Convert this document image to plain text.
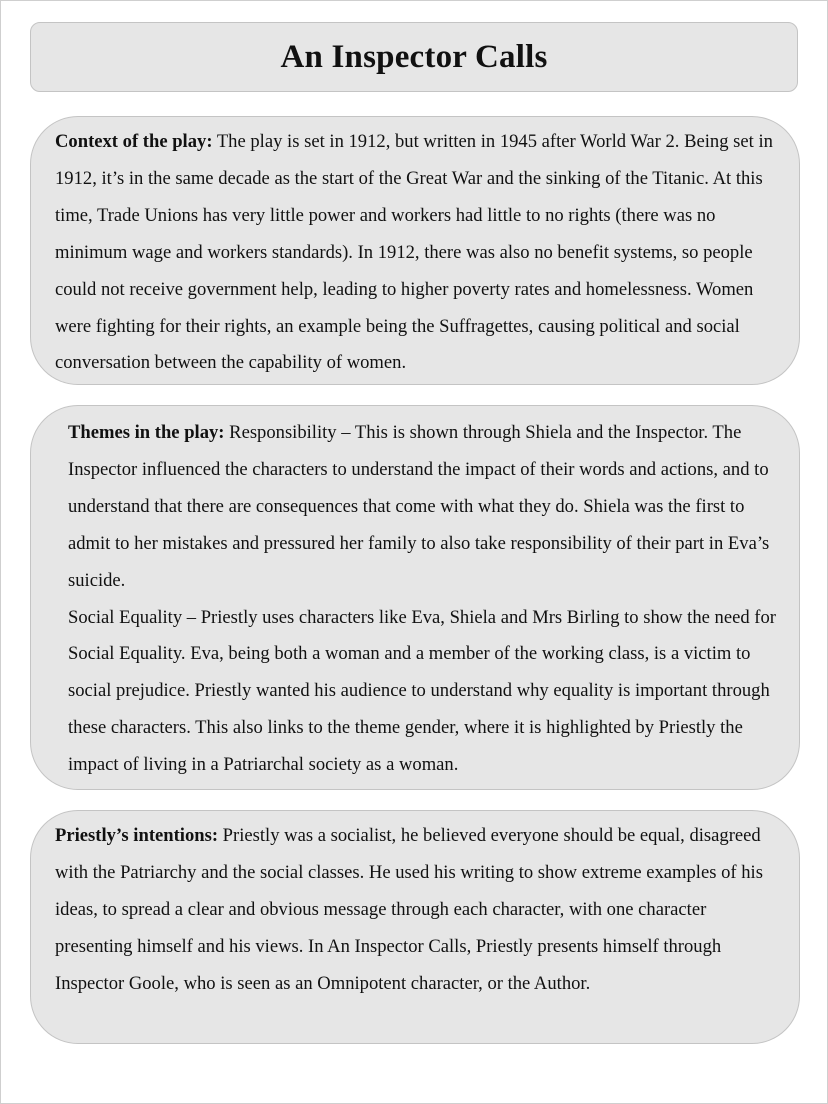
An Inspector Calls

Context of the play: The play is set in 1912, but written in 1945 after World War 2. Being set in 1912, it’s in the same decade as the start of the Great War and the sinking of the Titanic. At this time, Trade Unions has very little power and workers had little to no rights (there was no minimum wage and workers standards). In 1912, there was also no benefit systems, so people could not receive government help, leading to higher poverty rates and homelessness. Women were fighting for their rights, an example being the Suffragettes, causing political and social conversation between the capability of women.

Themes in the play: Responsibility – This is shown through Shiela and the Inspector. The Inspector influenced the characters to understand the impact of their words and actions, and to understand that there are consequences that come with what they do. Shiela was the first to admit to her mistakes and pressured her family to also take responsibility of their part in Eva’s suicide.

Social Equality – Priestly uses characters like Eva, Shiela and Mrs Birling to show the need for Social Equality. Eva, being both a woman and a member of the working class, is a victim to social prejudice. Priestly wanted his audience to understand why equality is important through these characters. This also links to the theme gender, where it is highlighted by Priestly the impact of living in a Patriarchal society as a woman.

Priestly’s intentions: Priestly was a socialist, he believed everyone should be equal, disagreed with the Patriarchy and the social classes. He used his writing to show extreme examples of his ideas, to spread a clear and obvious message through each character, with one character presenting himself and his views. In An Inspector Calls, Priestly presents himself through Inspector Goole, who is seen as an Omnipotent character, or the Author.
